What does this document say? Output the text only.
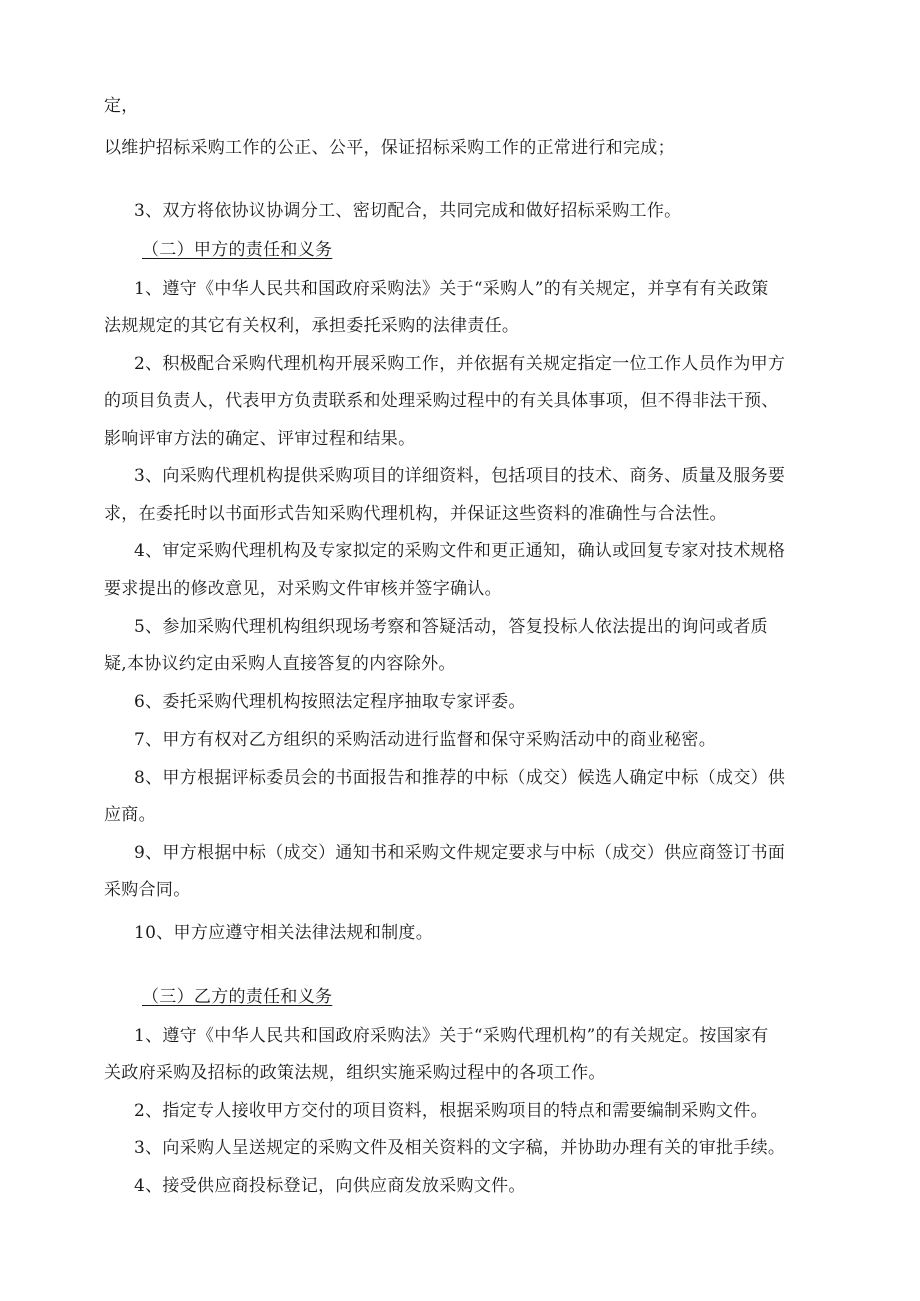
定，
以维护招标采购工作的公正、公平，保证招标采购工作的正常进行和完成；
3、双方将依协议协调分工、密切配合，共同完成和做好招标采购工作。
（二）甲方的责任和义务
1、遵守《中华人民共和国政府采购法》关于“采购人”的有关规定，并享有有关政策
法规规定的其它有关权利，承担委托采购的法律责任。
2、积极配合采购代理机构开展采购工作，并依据有关规定指定一位工作人员作为甲方
的项目负责人，代表甲方负责联系和处理采购过程中的有关具体事项，但不得非法干预、
影响评审方法的确定、评审过程和结果。
3、向采购代理机构提供采购项目的详细资料，包括项目的技术、商务、质量及服务要
求，在委托时以书面形式告知采购代理机构，并保证这些资料的准确性与合法性。
4、审定采购代理机构及专家拟定的采购文件和更正通知，确认或回复专家对技术规格
要求提出的修改意见，对采购文件审核并签字确认。
5、参加采购代理机构组织现场考察和答疑活动，答复投标人依法提出的询问或者质
疑,本协议约定由采购人直接答复的内容除外。
6、委托采购代理机构按照法定程序抽取专家评委。
7、甲方有权对乙方组织的采购活动进行监督和保守采购活动中的商业秘密。
8、甲方根据评标委员会的书面报告和推荐的中标（成交）候选人确定中标（成交）供
应商。
9、甲方根据中标（成交）通知书和采购文件规定要求与中标（成交）供应商签订书面
采购合同。
10、甲方应遵守相关法律法规和制度。
（三）乙方的责任和义务
1、遵守《中华人民共和国政府采购法》关于“采购代理机构”的有关规定。按国家有
关政府采购及招标的政策法规，组织实施采购过程中的各项工作。
2、指定专人接收甲方交付的项目资料，根据采购项目的特点和需要编制采购文件。
3、向采购人呈送规定的采购文件及相关资料的文字稿，并协助办理有关的审批手续。
4、接受供应商投标登记，向供应商发放采购文件。
